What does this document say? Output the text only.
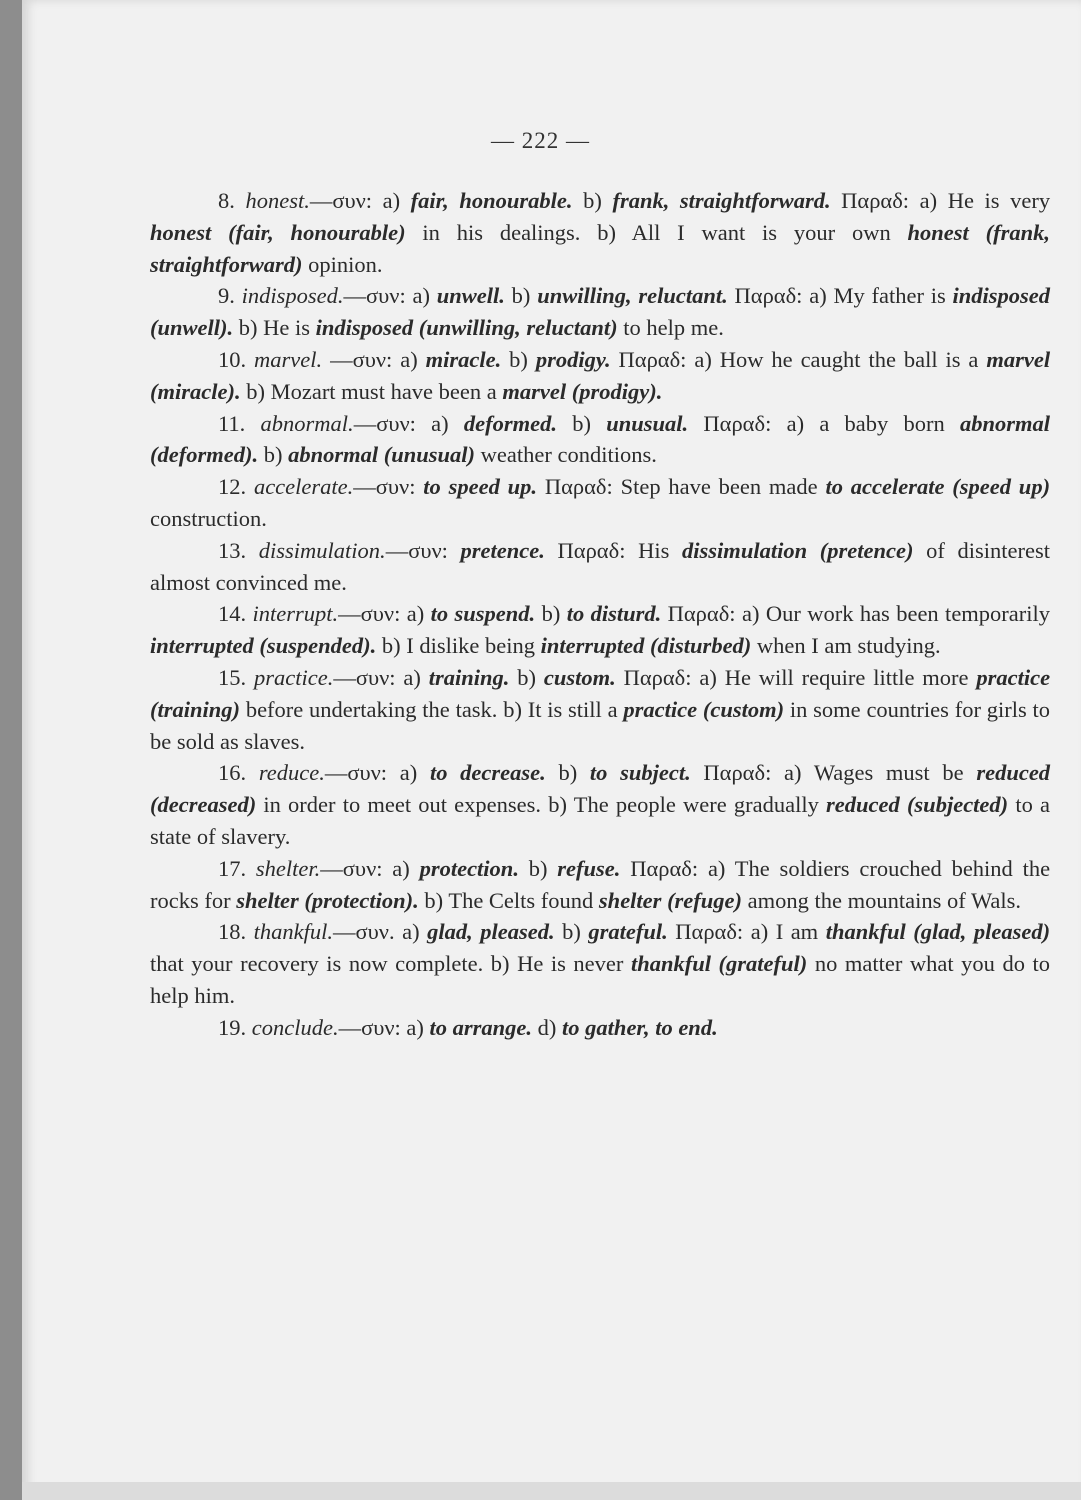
— 222 —

8. honest.—συν: a) fair, honourable. b) frank, straightforward. Παραδ: a) He is very honest (fair, honourable) in his dealings. b) All I want is your own honest (frank, straightforward) opinion.

9. indisposed.—συν: a) unwell. b) unwilling, reluctant. Παραδ: a) My father is indisposed (unwell). b) He is indisposed (unwilling, reluctant) to help me.

10. marvel. —συν: a) miracle. b) prodigy. Παραδ: a) How he caught the ball is a marvel (miracle). b) Mozart must have been a marvel (prodigy).

11. abnormal.—συν: a) deformed. b) unusual. Παραδ: a) a baby born abnormal (deformed). b) abnormal (unusual) weather conditions.

12. accelerate.—συν: to speed up. Παραδ: Step have been made to accelerate (speed up) construction.

13. dissimulation.—συν: pretence. Παραδ: His dissimulation (pretence) of disinterest almost convinced me.

14. interrupt.—συν: a) to suspend. b) to disturd. Παραδ: a) Our work has been temporarily interrupted (suspended). b) I dislike being interrupted (disturbed) when I am studying.

15. practice.—συν: a) training. b) custom. Παραδ: a) He will require little more practice (training) before undertaking the task. b) It is still a practice (custom) in some countries for girls to be sold as slaves.

16. reduce.—συν: a) to decrease. b) to subject. Παραδ: a) Wages must be reduced (decreased) in order to meet out expenses. b) The people were gradually reduced (subjected) to a state of slavery.

17. shelter.—συν: a) protection. b) refuse. Παραδ: a) The soldiers crouched behind the rocks for shelter (protection). b) The Celts found shelter (refuge) among the mountains of Wals.

18. thankful.—συν. a) glad, pleased. b) grateful. Παραδ: a) I am thankful (glad, pleased) that your recovery is now complete. b) He is never thankful (grateful) no matter what you do to help him.

19. conclude.—συν: a) to arrange. d) to gather, to end.
